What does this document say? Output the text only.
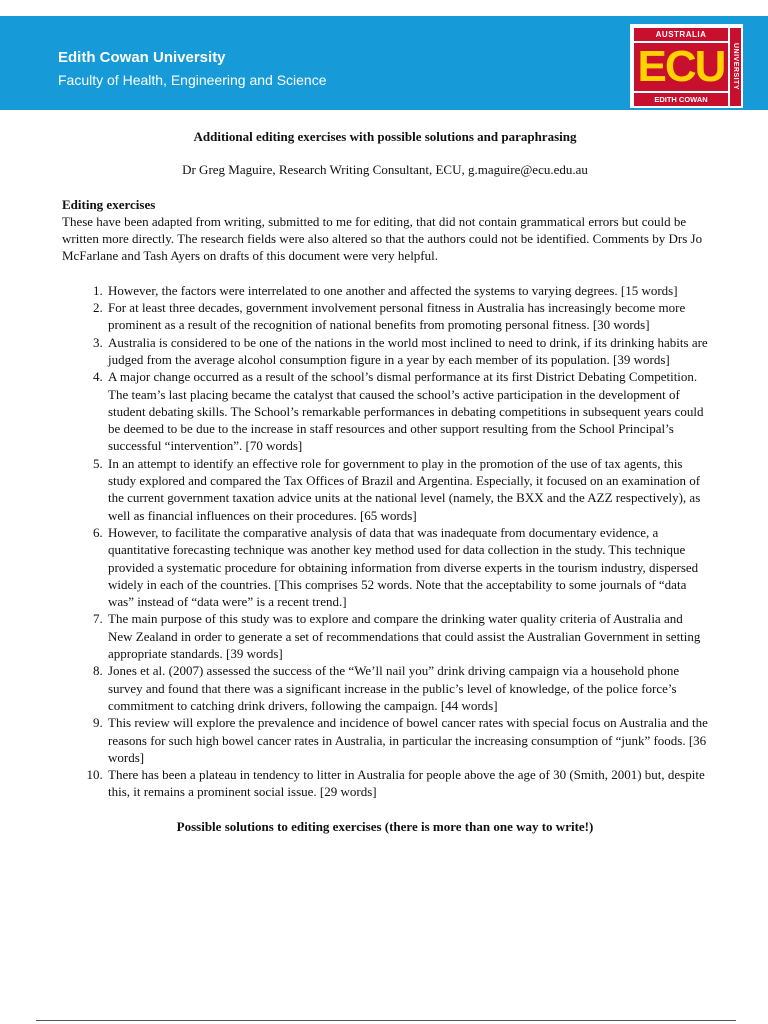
Edith Cowan University
Faculty of Health, Engineering and Science
AUSTRALIA
ECU
EDITH COWAN
UNIVERSITY

Additional editing exercises with possible solutions and paraphrasing

Dr Greg Maguire, Research Writing Consultant, ECU, g.maguire@ecu.edu.au

Editing exercises

These have been adapted from writing, submitted to me for editing, that did not contain grammatical errors but could be written more directly. The research fields were also altered so that the authors could not be identified. Comments by Drs Jo McFarlane and Tash Ayers on drafts of this document were very helpful.

1. However, the factors were interrelated to one another and affected the systems to varying degrees. [15 words]
2. For at least three decades, government involvement personal fitness in Australia has increasingly become more prominent as a result of the recognition of national benefits from promoting personal fitness. [30 words]
3. Australia is considered to be one of the nations in the world most inclined to need to drink, if its drinking habits are judged from the average alcohol consumption figure in a year by each member of its population. [39 words]
4. A major change occurred as a result of the school’s dismal performance at its first District Debating Competition. The team’s last placing became the catalyst that caused the school’s active participation in the development of student debating skills. The School’s remarkable performances in debating competitions in subsequent years could be deemed to be due to the increase in staff resources and other support resulting from the School Principal’s successful “intervention”. [70 words]
5. In an attempt to identify an effective role for government to play in the promotion of the use of tax agents, this study explored and compared the Tax Offices of Brazil and Argentina. Especially, it focused on an examination of the current government taxation advice units at the national level (namely, the BXX and the AZZ respectively), as well as financial influences on their procedures. [65 words]
6. However, to facilitate the comparative analysis of data that was inadequate from documentary evidence, a quantitative forecasting technique was another key method used for data collection in the study. This technique provided a systematic procedure for obtaining information from diverse experts in the tourism industry, dispersed widely in each of the countries. [This comprises 52 words. Note that the acceptability to some journals of “data was” instead of “data were” is a recent trend.]
7. The main purpose of this study was to explore and compare the drinking water quality criteria of Australia and New Zealand in order to generate a set of recommendations that could assist the Australian Government in setting appropriate standards. [39 words]
8. Jones et al. (2007) assessed the success of the “We’ll nail you” drink driving campaign via a household phone survey and found that there was a significant increase in the public’s level of knowledge, of the police force’s commitment to catching drink drivers, following the campaign. [44 words]
9. This review will explore the prevalence and incidence of bowel cancer rates with special focus on Australia and the reasons for such high bowel cancer rates in Australia, in particular the increasing consumption of “junk” foods. [36 words]
10. There has been a plateau in tendency to litter in Australia for people above the age of 30 (Smith, 2001) but, despite this, it remains a prominent social issue. [29 words]

Possible solutions to editing exercises (there is more than one way to write!)
